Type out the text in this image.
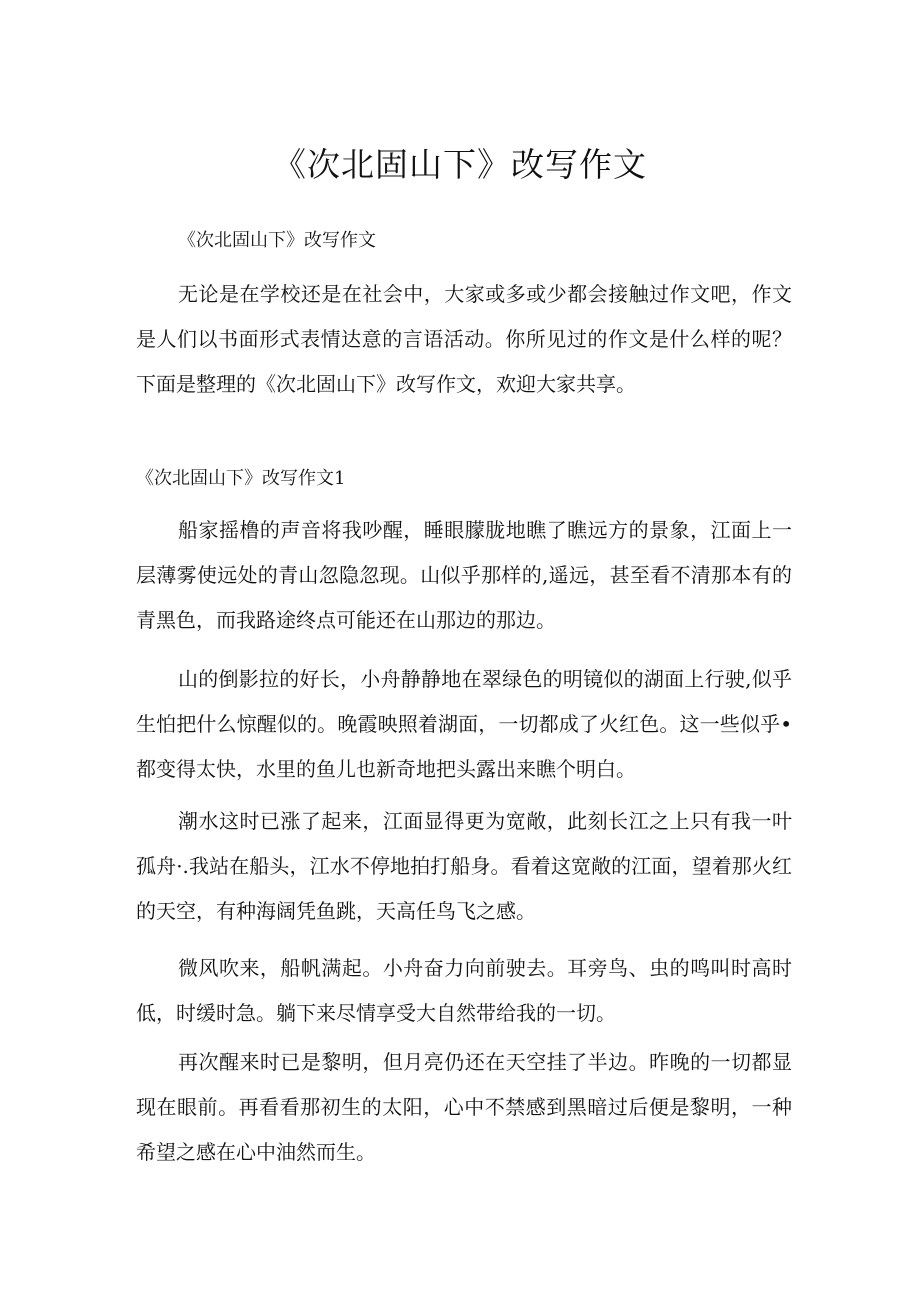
《次北固山下》改写作文

《次北固山下》改写作文

无论是在学校还是在社会中，大家或多或少都会接触过作文吧，作文是人们以书面形式表情达意的言语活动。你所见过的作文是什么样的呢？下面是整理的《次北固山下》改写作文，欢迎大家共享。

《次北固山下》改写作文1

船家摇橹的声音将我吵醒，睡眼朦胧地瞧了瞧远方的景象，江面上一层薄雾使远处的青山忽隐忽现。山似乎那样的,遥远，甚至看不清那本有的青黑色，而我路途终点可能还在山那边的那边。

山的倒影拉的好长，小舟静静地在翠绿色的明镜似的湖面上行驶,似乎生怕把什么惊醒似的。晚霞映照着湖面，一切都成了火红色。这一些似乎•都变得太快，水里的鱼儿也新奇地把头露出来瞧个明白。

潮水这时已涨了起来，江面显得更为宽敞，此刻长江之上只有我一叶孤舟·.我站在船头，江水不停地拍打船身。看着这宽敞的江面，望着那火红的天空，有种海阔凭鱼跳，天高任鸟飞之感。

微风吹来，船帆满起。小舟奋力向前驶去。耳旁鸟、虫的鸣叫时高时低，时缓时急。躺下来尽情享受大自然带给我的一切。

再次醒来时已是黎明，但月亮仍还在天空挂了半边。昨晚的一切都显现在眼前。再看看那初生的太阳，心中不禁感到黑暗过后便是黎明，一种希望之感在心中油然而生。
